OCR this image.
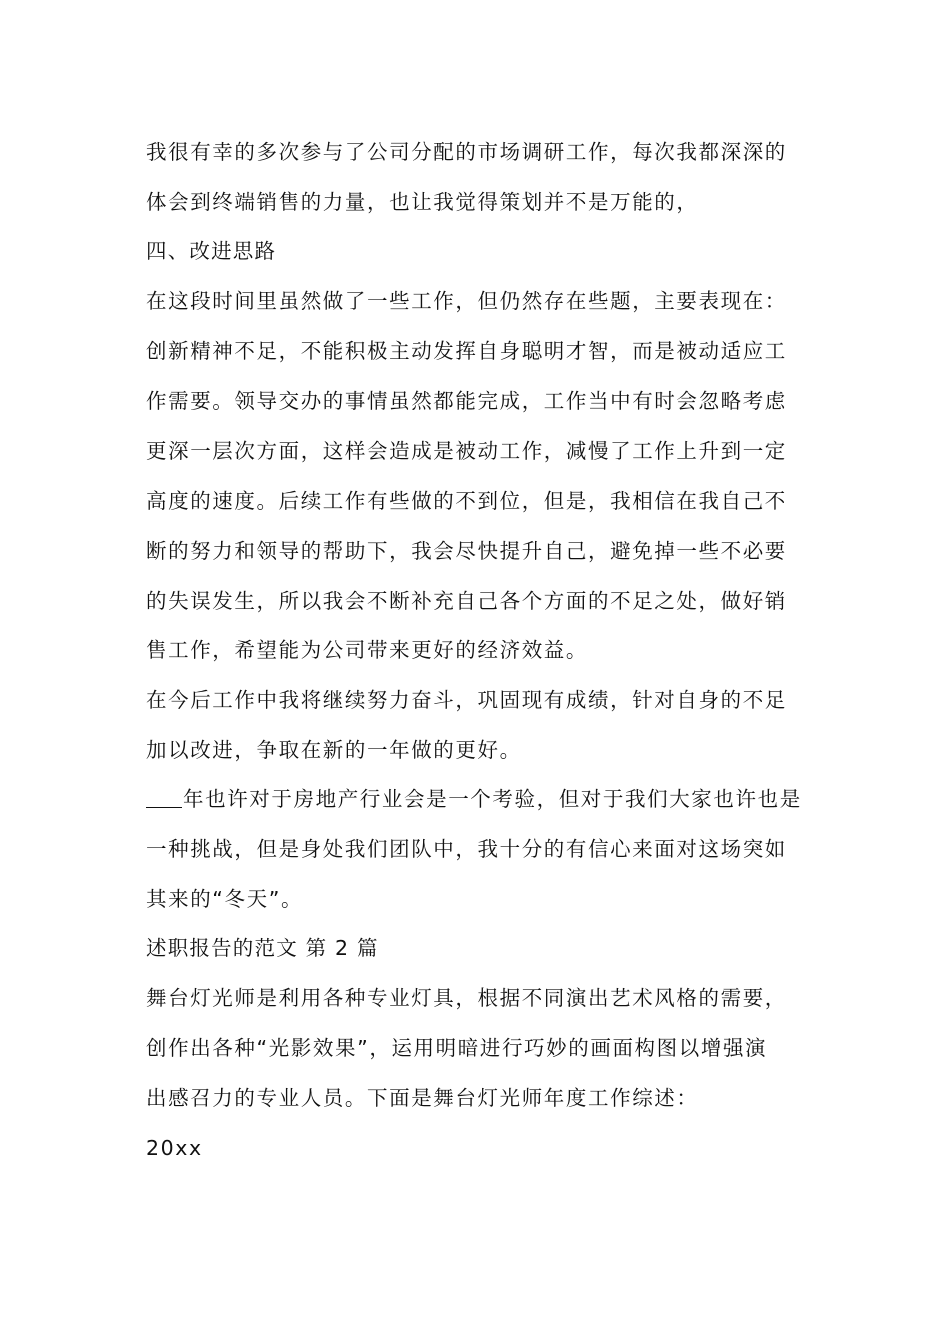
我很有幸的多次参与了公司分配的市场调研工作，每次我都深深的
体会到终端销售的力量，也让我觉得策划并不是万能的，
四、改进思路
在这段时间里虽然做了一些工作，但仍然存在些题，主要表现在：
创新精神不足，不能积极主动发挥自身聪明才智，而是被动适应工
作需要。领导交办的事情虽然都能完成，工作当中有时会忽略考虑
更深一层次方面，这样会造成是被动工作，减慢了工作上升到一定
高度的速度。后续工作有些做的不到位，但是，我相信在我自己不
断的努力和领导的帮助下，我会尽快提升自己，避免掉一些不必要
的失误发生，所以我会不断补充自己各个方面的不足之处，做好销
售工作，希望能为公司带来更好的经济效益。
在今后工作中我将继续努力奋斗，巩固现有成绩，针对自身的不足
加以改进，争取在新的一年做的更好。
年也许对于房地产行业会是一个考验，但对于我们大家也许也是
一种挑战，但是身处我们团队中，我十分的有信心来面对这场突如
其来的“冬天”。
述职报告的范文 第 2 篇
舞台灯光师是利用各种专业灯具，根据不同演出艺术风格的需要，
创作出各种“光影效果”，运用明暗进行巧妙的画面构图以增强演
出感召力的专业人员。下面是舞台灯光师年度工作综述：
20xx
